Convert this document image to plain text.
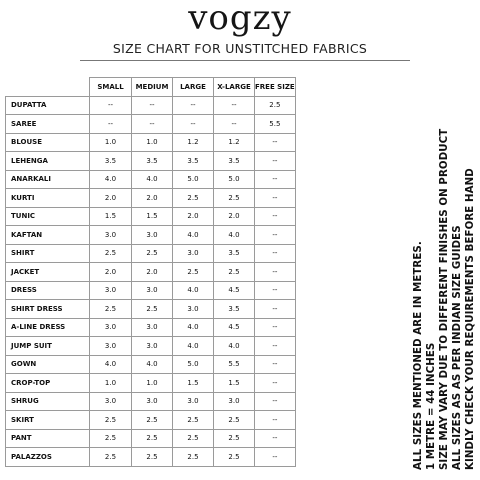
vogzy
SIZE CHART FOR UNSTITCHED FABRICS
	SMALL	MEDIUM	LARGE	X-LARGE	FREE SIZE
DUPATTA	--	--	--	--	2.5
SAREE	--	--	--	--	5.5
BLOUSE	1.0	1.0	1.2	1.2	--
LEHENGA	3.5	3.5	3.5	3.5	--
ANARKALI	4.0	4.0	5.0	5.0	--
KURTI	2.0	2.0	2.5	2.5	--
TUNIC	1.5	1.5	2.0	2.0	--
KAFTAN	3.0	3.0	4.0	4.0	--
SHIRT	2.5	2.5	3.0	3.5	--
JACKET	2.0	2.0	2.5	2.5	--
DRESS	3.0	3.0	4.0	4.5	--
SHIRT DRESS	2.5	2.5	3.0	3.5	--
A-LINE DRESS	3.0	3.0	4.0	4.5	--
JUMP SUIT	3.0	3.0	4.0	4.0	--
GOWN	4.0	4.0	5.0	5.5	--
CROP-TOP	1.0	1.0	1.5	1.5	--
SHRUG	3.0	3.0	3.0	3.0	--
SKIRT	2.5	2.5	2.5	2.5	--
PANT	2.5	2.5	2.5	2.5	--
PALAZZOS	2.5	2.5	2.5	2.5	--	ALL SIZES MENTIONED ARE IN METRES. 1 METRE = 44 INCHES SIZE MAY VARY DUE TO DIFFERENT FINISHES ON PRODUCT ALL SIZES AS AS PER INDIAN SIZE GUIDES KINDLY CHECK YOUR REQUIREMENTS BEFORE HAND
